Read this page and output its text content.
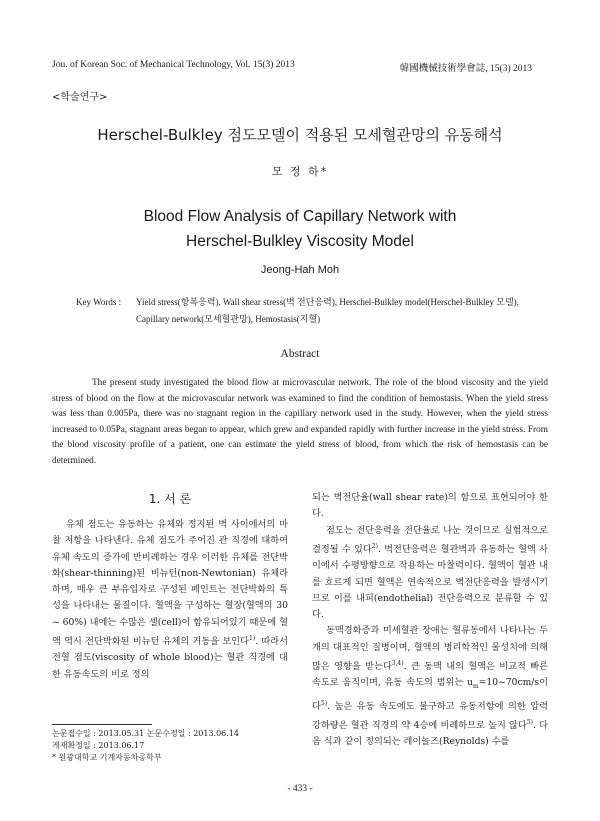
Jou. of Korean Soc. of Mechanical Technology, Vol. 15(3) 2013	韓國機械技術學會誌, 15(3) 2013
<학술연구>
Herschel-Bulkley 점도모델이 적용된 모세혈관망의 유동해석
모 정 하*
Blood Flow Analysis of Capillary Network with
Herschel-Bulkley Viscosity Model
Jeong-Hah Moh
Key Words : Yield stress(항복응력), Wall shear stress(벽 전단응력), Herschel-Bulkley model(Herschel-Bulkley 모델),
Capillary network(모세혈관망), Hemostasis(지혈)
Abstract
The present study investigated the blood flow at microvascular network. The role of the blood viscosity and the yield stress of blood on the flow at the microvascular network was examined to find the condition of hemostasis. When the yield stress was less than 0.005Pa, there was no stagnant region in the capillary network used in the study. However, when the yield stress increased to 0.05Pa, stagnant areas began to appear, which grew and expanded rapidly with further increase in the yield stress. From the blood viscosity profile of a patient, one can estimate the yield stress of blood, from which the risk of hemostasis can be determined.
1. 서 론

유체 점도는 유동하는 유체와 정지된 벽 사이에서의 마찰 저항을 나타낸다. 유체 점도가 주어진 관 직경에 대하여 유체 속도의 증가에 반비례하는 경우 이러한 유체를 전단박화(shear-thinning)된 비뉴턴(non-Newtonian) 유체라 하며, 매우 큰 부유입자로 구성된 페인트는 전단박화의 특성을 나타내는 물질이다. 혈액을 구성하는 혈장(혈액의 30 ~ 60%) 내에는 수많은 셀(cell)이 함유되어있기 때문에 혈액 역시 전단박화된 비뉴턴 유체의 거동을 보인다$^{1)}$. 따라서 전혈 점도(viscosity of whole blood)는 혈관 직경에 대한 유동속도의 비로 정의

되는 벽전단율(wall shear rate)의 함으로 표현되어야 한다.

점도는 전단응력을 전단율로 나눈 것이므로 실험적으로 결정될 수 있다$^{2)}$. 벽전단응력은 혈관벽과 유동하는 혈액 사이에서 수평방향으로 작용하는 마찰력이다. 혈액이 혈관 내를 흐르게 되면 혈액은 연속적으로 벽전단응력을 발생시키므로 이를 내피(endothelial) 전단응력으로 분류할 수 있다.

동맥경화증과 미세혈관 장애는 혈류동에서 나타나는 두 개의 대표적인 질병이며, 혈액의 병리학적인 물성치에 의해 많은 영향을 받는다$^{3,4)}$. 큰 동맥 내의 혈액은 비교적 빠른 속도로 움직이며, 유동 속도의 범위는 $u_m=10\sim 70cm/s$이다$^{5)}$. 높은 유동 속도에도 불구하고 유동저항에 의한 압력 강하량은 혈관 직경의 약 4승에 비례하므로 높지 않다$^{5)}$. 다음 식과 같이 정의되는 레이놀즈(Reynolds) 수를

논문접수일 : 2013.05.31 논문수정일 : 2013.06.14
게재확정일 : 2013.06.17
* 원광대학교 기계자동차공학부
- 433 -
